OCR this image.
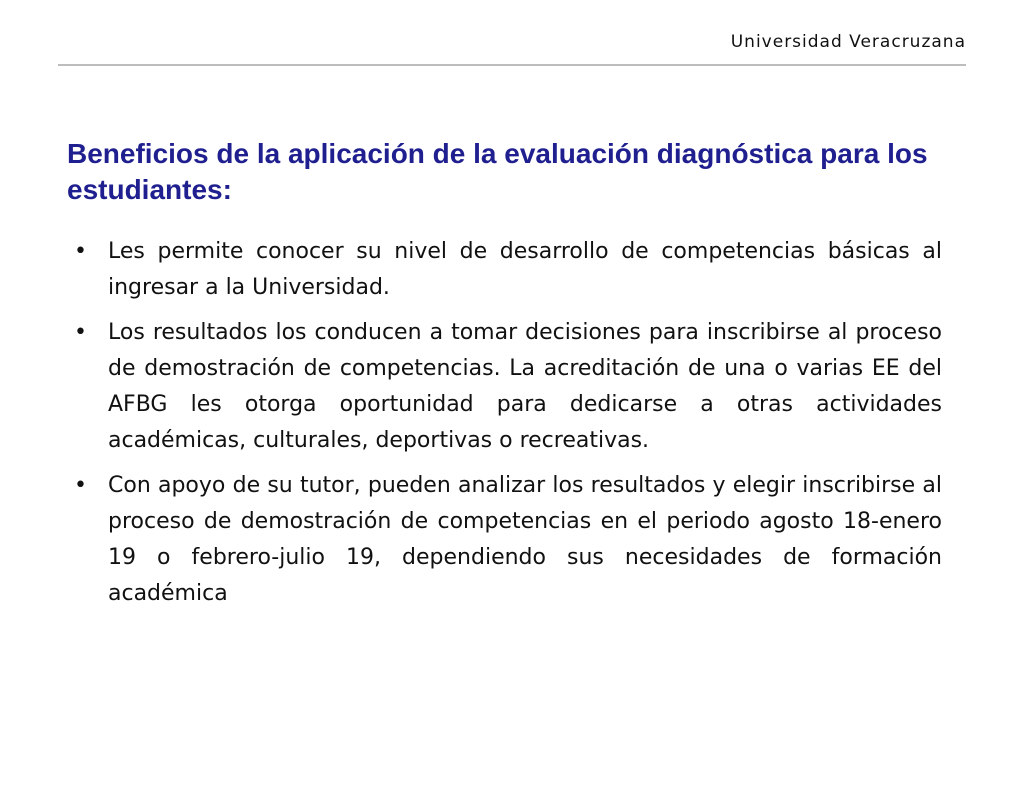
Universidad Veracruzana
Beneficios de la aplicación de la evaluación diagnóstica para los estudiantes:
• Les permite conocer su nivel de desarrollo de competencias básicas al ingresar a la Universidad.
• Los resultados los conducen a tomar decisiones para inscribirse al proceso de demostración de competencias. La acreditación de una o varias EE del AFBG les otorga oportunidad para dedicarse a otras actividades académicas, culturales, deportivas o recreativas.
• Con apoyo de su tutor, pueden analizar los resultados y elegir inscribirse al proceso de demostración de competencias en el periodo agosto 18-enero 19 o febrero-julio 19, dependiendo sus necesidades de formación académica
